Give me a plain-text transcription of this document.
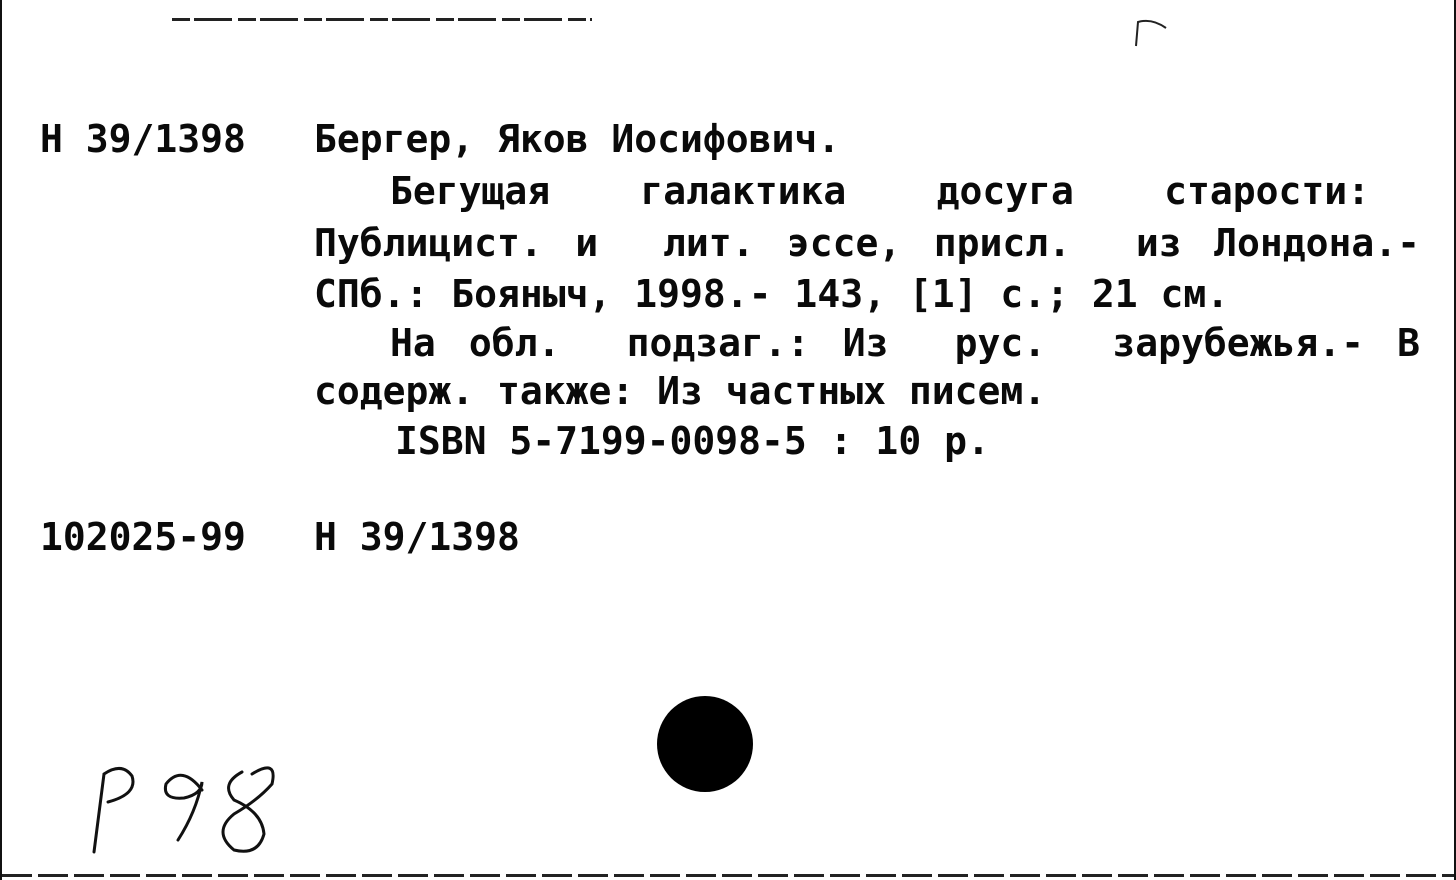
Н 39/1398 Бергер, Яков Иосифович.
Бегущая  галактика  досуга  старости:
Публицист. и  лит. эссе, присл.  из Лондона.-
СПб.: Бояныч, 1998.- 143, [1] с.; 21 см.
На обл.  подзаг.: Из  рус.  зарубежья.- В
содерж. также: Из частных писем.
ISBN 5-7199-0098-5 : 10 р.
102025-99 Н 39/1398
